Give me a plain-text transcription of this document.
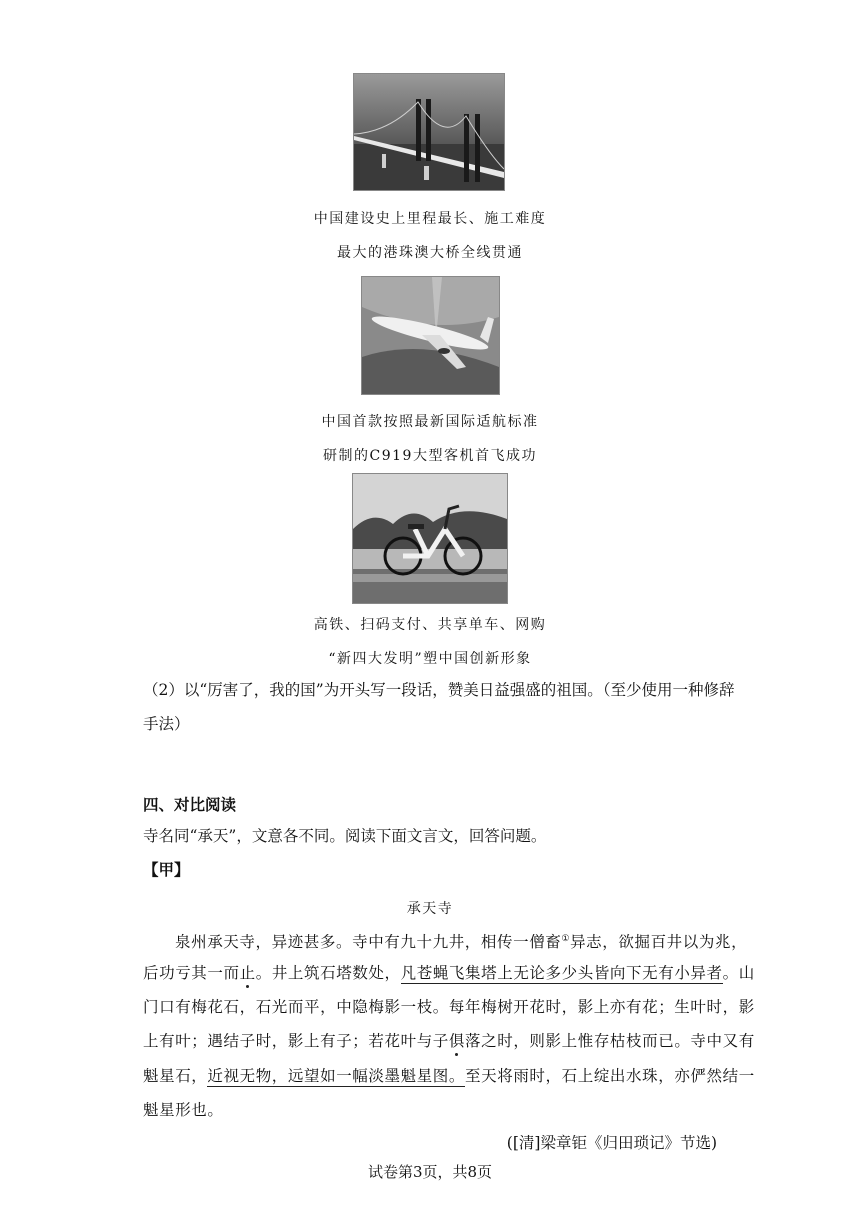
中国建设史上里程最长、施工难度
最大的港珠澳大桥全线贯通
中国首款按照最新国际适航标准
研制的C919大型客机首飞成功
高铁、扫码支付、共享单车、网购
“新四大发明”塑中国创新形象
（2）以“厉害了，我的国”为开头写一段话，赞美日益强盛的祖国。（至少使用一种修辞
手法）
四、对比阅读
寺名同“承天”，文意各不同。阅读下面文言文，回答问题。
【甲】
承天寺
泉州承天寺，异迹甚多。寺中有九十九井，相传一僧畜①异志，欲掘百井以为兆，
后功亏其一而止。井上筑石塔数处，凡苍蝇飞集塔上无论多少头皆向下无有小异者。山
门口有梅花石，石光而平，中隐梅影一枝。每年梅树开花时，影上亦有花；生叶时，影
上有叶；遇结子时，影上有子；若花叶与子俱落之时，则影上惟存枯枝而已。寺中又有
魁星石，近视无物，远望如一幅淡墨魁星图。至天将雨时，石上绽出水珠，亦俨然结一
魁星形也。
([清]梁章钜《归田琐记》节选)
试卷第3页，共8页
